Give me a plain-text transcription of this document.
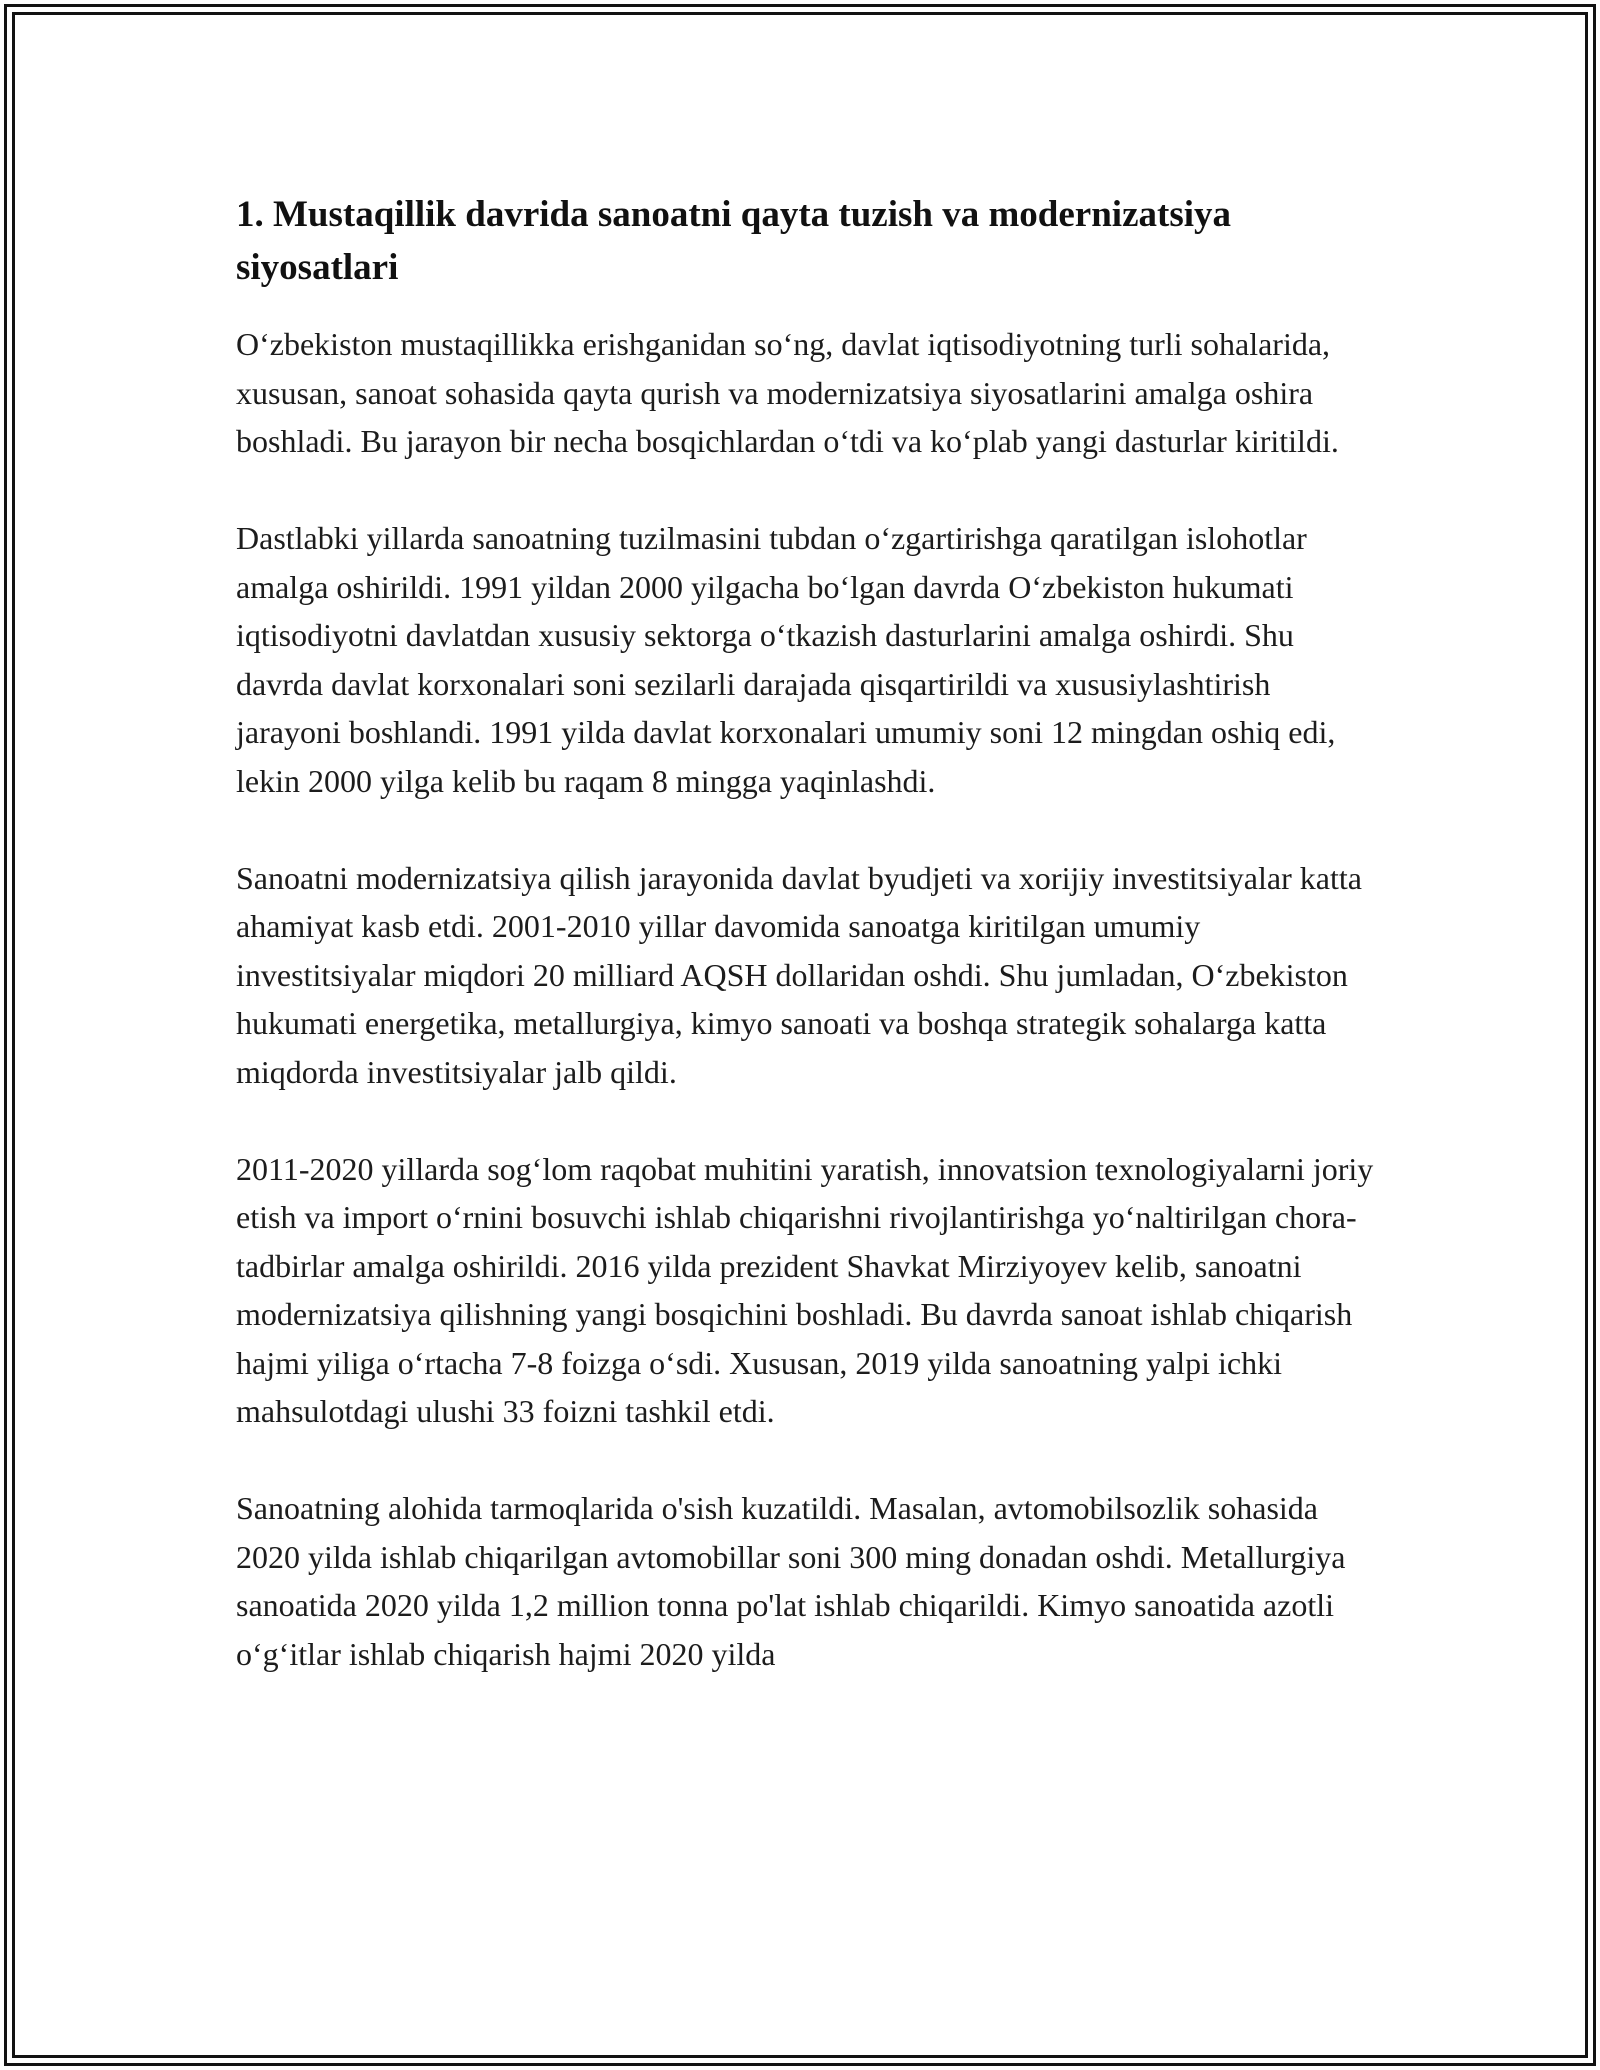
1. Mustaqillik davrida sanoatni qayta tuzish va modernizatsiya siyosatlari

O‘zbekiston mustaqillikka erishganidan so‘ng, davlat iqtisodiyotning turli sohalarida, xususan, sanoat sohasida qayta qurish va modernizatsiya siyosatlarini amalga oshira boshladi. Bu jarayon bir necha bosqichlardan o‘tdi va ko‘plab yangi dasturlar kiritildi.

Dastlabki yillarda sanoatning tuzilmasini tubdan o‘zgartirishga qaratilgan islohotlar amalga oshirildi. 1991 yildan 2000 yilgacha bo‘lgan davrda O‘zbekiston hukumati iqtisodiyotni davlatdan xususiy sektorga o‘tkazish dasturlarini amalga oshirdi. Shu davrda davlat korxonalari soni sezilarli darajada qisqartirildi va xususiylashtirish jarayoni boshlandi. 1991 yilda davlat korxonalari umumiy soni 12 mingdan oshiq edi, lekin 2000 yilga kelib bu raqam 8 mingga yaqinlashdi.

Sanoatni modernizatsiya qilish jarayonida davlat byudjeti va xorijiy investitsiyalar katta ahamiyat kasb etdi. 2001-2010 yillar davomida sanoatga kiritilgan umumiy investitsiyalar miqdori 20 milliard AQSH dollaridan oshdi. Shu jumladan, O‘zbekiston hukumati energetika, metallurgiya, kimyo sanoati va boshqa strategik sohalarga katta miqdorda investitsiyalar jalb qildi.

2011-2020 yillarda sog‘lom raqobat muhitini yaratish, innovatsion texnologiyalarni joriy etish va import o‘rnini bosuvchi ishlab chiqarishni rivojlantirishga yo‘naltirilgan chora-tadbirlar amalga oshirildi. 2016 yilda prezident Shavkat Mirziyoyev kelib, sanoatni modernizatsiya qilishning yangi bosqichini boshladi. Bu davrda sanoat ishlab chiqarish hajmi yiliga o‘rtacha 7-8 foizga o‘sdi. Xususan, 2019 yilda sanoatning yalpi ichki mahsulotdagi ulushi 33 foizni tashkil etdi.

Sanoatning alohida tarmoqlarida o'sish kuzatildi. Masalan, avtomobilsozlik sohasida 2020 yilda ishlab chiqarilgan avtomobillar soni 300 ming donadan oshdi. Metallurgiya sanoatida 2020 yilda 1,2 million tonna po'lat ishlab chiqarildi. Kimyo sanoatida azotli o‘g‘itlar ishlab chiqarish hajmi 2020 yilda
